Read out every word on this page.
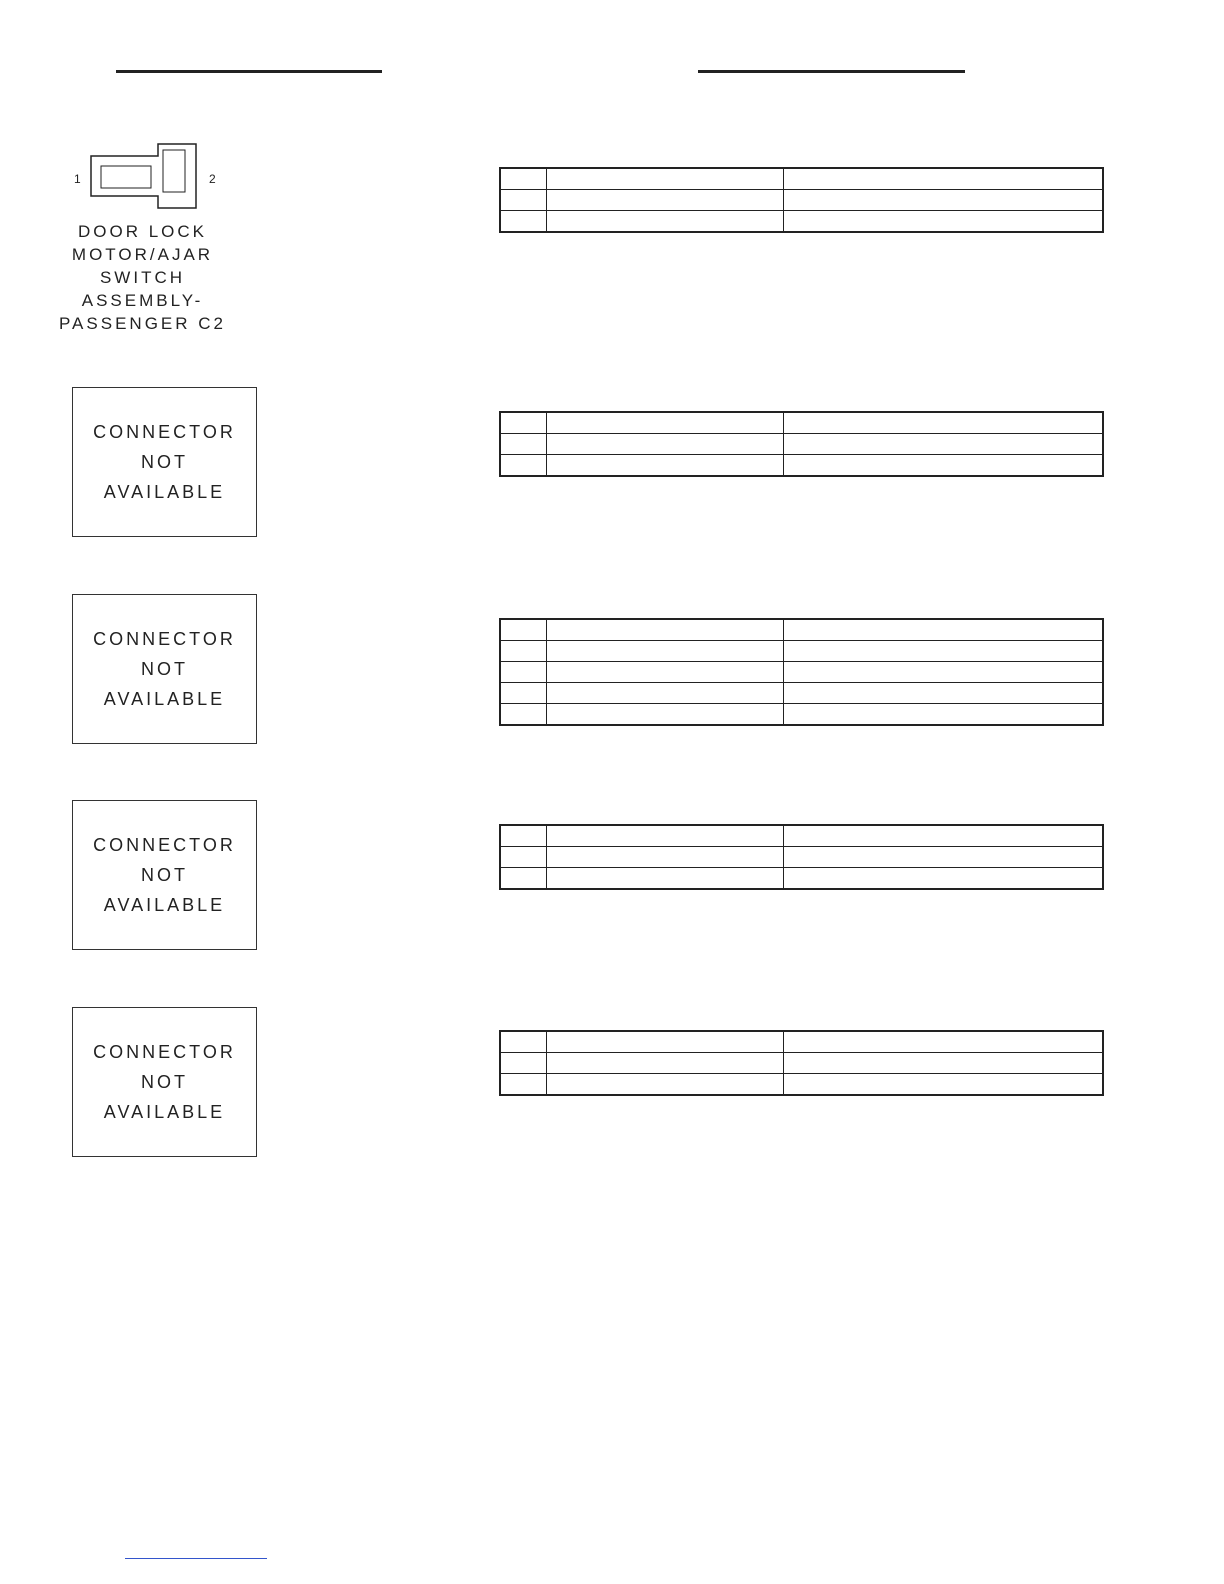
1	2
DOOR LOCK
MOTOR/AJAR
SWITCH
ASSEMBLY-
PASSENGER C2
CONNECTOR
NOT
AVAILABLE
CONNECTOR
NOT
AVAILABLE
CONNECTOR
NOT
AVAILABLE
CONNECTOR
NOT
AVAILABLE
